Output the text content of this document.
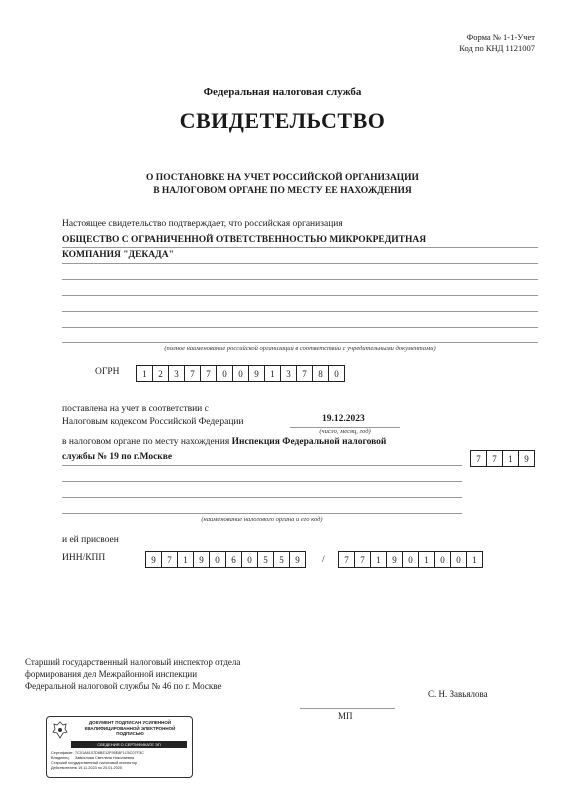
Форма № 1-1-Учет
Код по КНД 1121007
Федеральная налоговая служба
СВИДЕТЕЛЬСТВО
О ПОСТАНОВКЕ НА УЧЕТ РОССИЙСКОЙ ОРГАНИЗАЦИИ
В НАЛОГОВОМ ОРГАНЕ ПО МЕСТУ ЕЕ НАХОЖДЕНИЯ
Настоящее свидетельство подтверждает, что российская организация
ОБЩЕСТВО С ОГРАНИЧЕННОЙ ОТВЕТСТВЕННОСТЬЮ МИКРОКРЕДИТНАЯ
КОМПАНИЯ "ДЕКАДА"
(полное наименование российской организации в соответствии с учредительными документами)
ОГРН	1	2	3	7	7	0	0	9	1	3	7	8	0
поставлена на учет в соответствии с
Налоговым кодексом Российской Федерации	19.12.2023
(число, месяц, год)
в налоговом органе по месту нахождения Инспекция Федеральной налоговой
службы № 19 по г.Москве	7	7	1	9
(наименование налогового органа и его код)
и ей присвоен
ИНН/КПП	9	7	1	9	0	6	0	5	5	9	/	7	7	1	9	0	1	0	0	1
Старший государственный налоговый инспектор отдела
формирования дел Межрайонной инспекции
Федеральной налоговой службы № 46 по г. Москве
С. Н. Завьялова
МП
ДОКУМЕНТ ПОДПИСАН УСИЛЕННОЙ КВАЛИФИЦИРОВАННОЙ ЭЛЕКТРОННОЙ ПОДПИСЬЮ
СВЕДЕНИЯ О СЕРТИФИКАТЕ ЭП
Сертификат:7C01A6107D6BE12F95E8F1C5C07F3C
Владелец: Завьялова Светлана Николаевна
Старший государственный налоговый инспектор
Действителен:с 19.11.2023 по 20.01.2025
